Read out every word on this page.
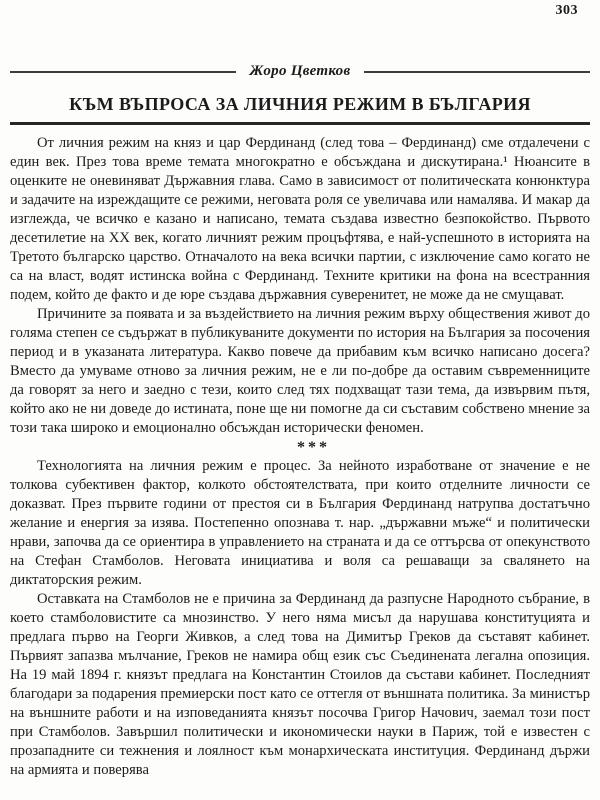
303
Жоро Цветков
КЪМ ВЪПРОСА ЗА ЛИЧНИЯ РЕЖИМ В БЪЛГАРИЯ

От личния режим на княз и цар Фердинанд (след това – Фердинанд) сме отдалечени с един век. През това време темата многократно е обсъждана и дискутирана.¹ Нюансите в оценките не оневиняват Държавния глава. Само в зависимост от политическата конюнктура и задачите на изреждащите се режими, неговата роля се увеличава или намалява. И макар да изглежда, че всичко е казано и написано, темата създава известно безпокойство. Първото десетилетие на ХХ век, когато личният режим процъфтява, е най-успешното в историята на Третото българско царство. Отначалото на века всички партии, с изключение само когато не са на власт, водят истинска война с Фердинанд. Техните критики на фона на всестранния подем, който де факто и де юре създава държавния суверенитет, не може да не смущават.

Причините за появата и за въздействието на личния режим върху обществения живот до голяма степен се съдържат в публикуваните документи по история на България за посочения период и в указаната литература. Какво повече да прибавим към всичко написано досега? Вместо да умуваме отново за личния режим, не е ли по-добре да оставим съвременниците да говорят за него и заедно с тези, които след тях подхващат тази тема, да извървим пътя, който ако не ни доведе до истината, поне ще ни помогне да си съставим собствено мнение за този така широко и емоционално обсъждан исторически феномен.

***

Технологията на личния режим е процес. За нейното изработване от значение е не толкова субективен фактор, колкото обстоятелствата, при които отделните личности се доказват. През първите години от престоя си в България Фердинанд натрупва достатъчно желание и енергия за изява. Постепенно опознава т. нар. „държавни мъже“ и политически нрави, започва да се ориентира в управлението на страната и да се оттърсва от опекунството на Стефан Стамболов. Неговата инициатива и воля са решаващи за свалянето на диктаторския режим.

Оставката на Стамболов не е причина за Фердинанд да разпусне Народното събрание, в което стамболовистите са мнозинство. У него няма мисъл да нарушава конституцията и предлага първо на Георги Живков, а след това на Димитър Греков да съставят кабинет. Първият запазва мълчание, Греков не намира общ език със Съединената легална опозиция. На 19 май 1894 г. князът предлага на Константин Стоилов да състави кабинет. Последният благодари за подарения премиерски пост като се оттегля от външната политика. За министър на външните работи и на изповеданията князът посочва Григор Начович, заемал този пост при Стамболов. Завършил политически и икономически науки в Париж, той е известен с прозападните си тежнения и лоялност към монархическата институция. Фердинанд държи на армията и поверява
